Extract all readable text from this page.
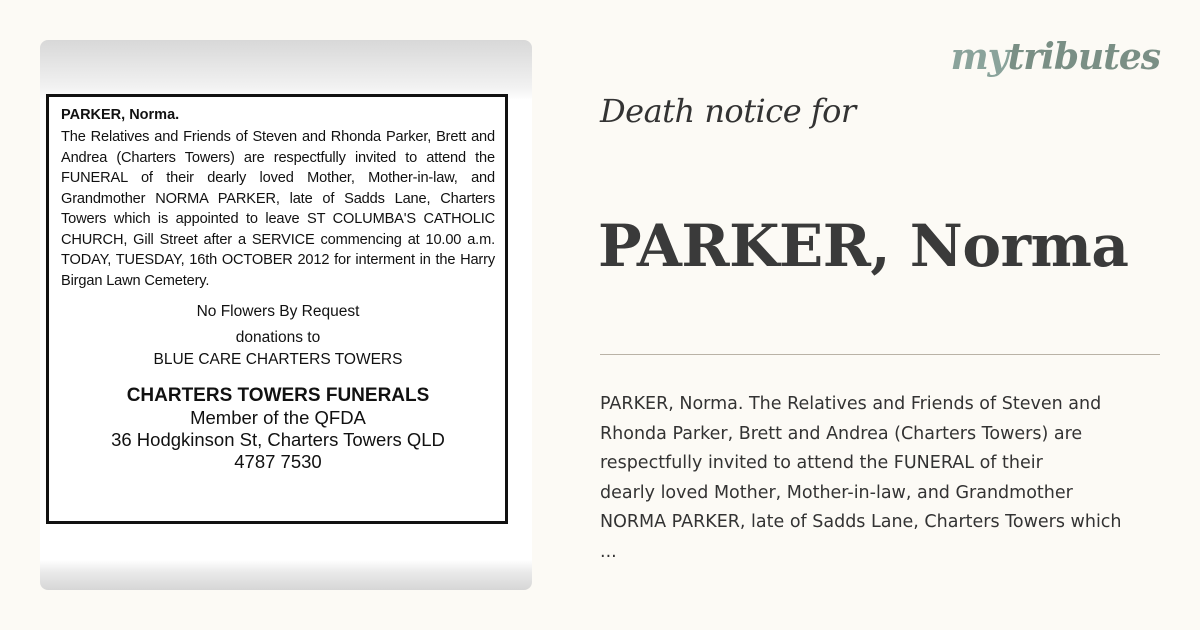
PARKER, Norma.

The Relatives and Friends of Steven and Rhonda Parker, Brett and Andrea (Charters Towers) are respectfully invited to attend the FUNERAL of their dearly loved Mother, Mother-in-law, and Grandmother NORMA PARKER, late of Sadds Lane, Charters Towers which is appointed to leave ST COLUMBA'S CATHOLIC CHURCH, Gill Street after a SERVICE commencing at 10.00 a.m. TODAY, TUESDAY, 16th OCTOBER 2012 for interment in the Harry Birgan Lawn Cemetery.

No Flowers By Request

donations to

BLUE CARE CHARTERS TOWERS

CHARTERS TOWERS FUNERALS
Member of the QFDA
36 Hodgkinson St, Charters Towers QLD
4787 7530
mytributes
Death notice for
PARKER, Norma

PARKER, Norma. The Relatives and Friends of Steven and
Rhonda Parker, Brett and Andrea (Charters Towers) are
respectfully invited to attend the FUNERAL of their
dearly loved Mother, Mother-in-law, and Grandmother
NORMA PARKER, late of Sadds Lane, Charters Towers which
...
